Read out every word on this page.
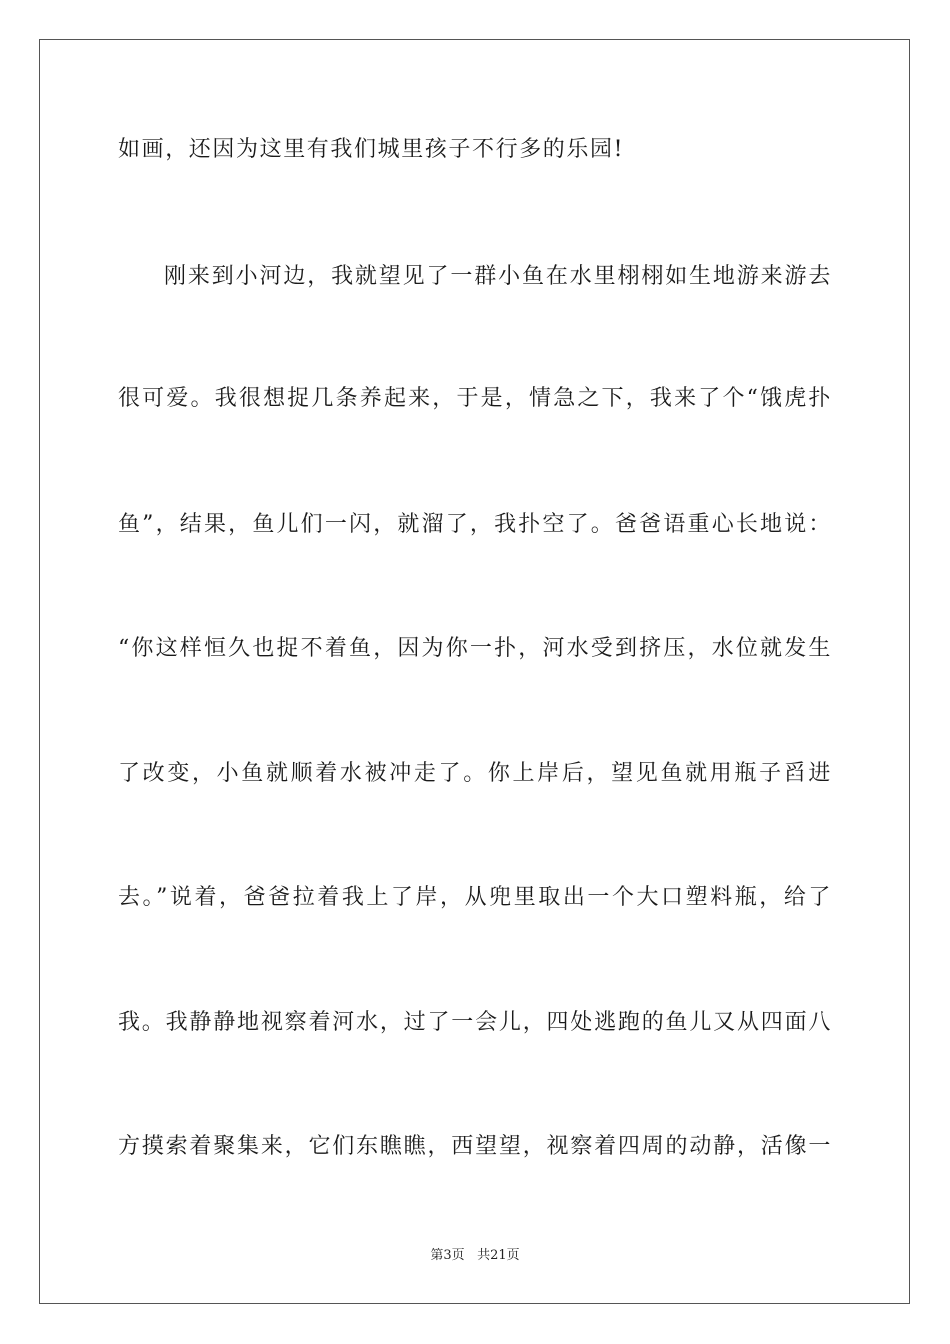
如画，还因为这里有我们城里孩子不行多的乐园!
刚来到小河边，我就望见了一群小鱼在水里栩栩如生地游来游去
很可爱。我很想捉几条养起来，于是，情急之下，我来了个“饿虎扑
鱼”，结果，鱼儿们一闪，就溜了，我扑空了。爸爸语重心长地说：
“你这样恒久也捉不着鱼，因为你一扑，河水受到挤压，水位就发生
了改变，小鱼就顺着水被冲走了。你上岸后，望见鱼就用瓶子舀进
去。”说着，爸爸拉着我上了岸，从兜里取出一个大口塑料瓶，给了
我。我静静地视察着河水，过了一会儿，四处逃跑的鱼儿又从四面八
方摸索着聚集来，它们东瞧瞧，西望望，视察着四周的动静，活像一
第3页 共21页
